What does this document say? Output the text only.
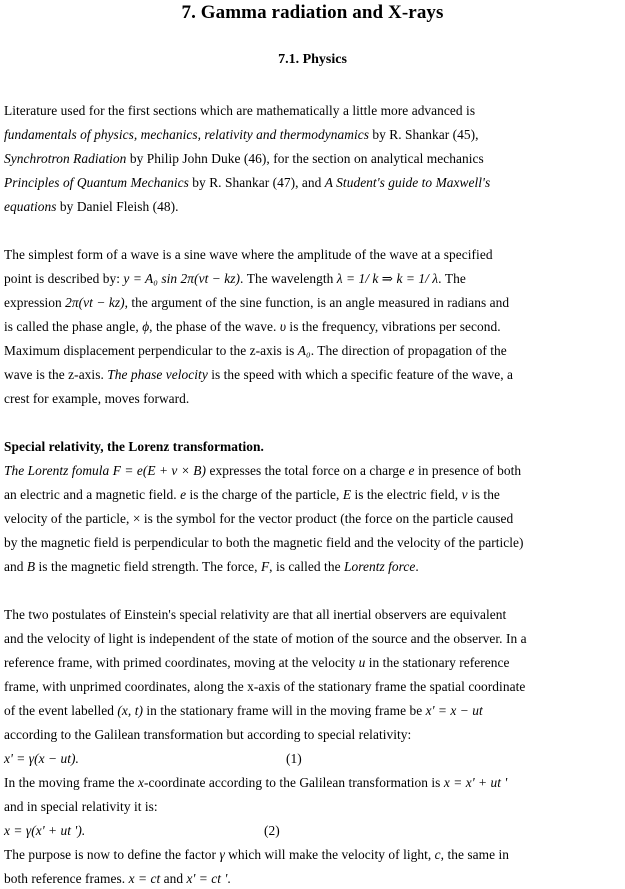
7. Gamma radiation and X-rays
7.1. Physics
Literature used for the first sections which are mathematically a little more advanced is
fundamentals of physics, mechanics, relativity and thermodynamics by R. Shankar (45),
Synchrotron Radiation by Philip John Duke (46), for the section on analytical mechanics
Principles of Quantum Mechanics by R. Shankar (47), and A Student's guide to Maxwell's
equations by Daniel Fleish (48).
The simplest form of a wave is a sine wave where the amplitude of the wave at a specified
point is described by: y = A₀ sin 2π(νt − kz). The wavelength λ = 1/ k ⇒ k = 1/ λ. The
expression 2π(νt − kz), the argument of the sine function, is an angle measured in radians and
is called the phase angle, ϕ, the phase of the wave. υ is the frequency, vibrations per second.
Maximum displacement perpendicular to the z-axis is A₀. The direction of propagation of the
wave is the z-axis. The phase velocity is the speed with which a specific feature of the wave, a
crest for example, moves forward.
Special relativity, the Lorenz transformation.
The Lorentz fomula F = e(E + ν × B) expresses the total force on a charge e in presence of both
an electric and a magnetic field. e is the charge of the particle, E is the electric field, ν is the
velocity of the particle, × is the symbol for the vector product (the force on the particle caused
by the magnetic field is perpendicular to both the magnetic field and the velocity of the particle)
and B is the magnetic field strength. The force, F, is called the Lorentz force.
The two postulates of Einstein's special relativity are that all inertial observers are equivalent
and the velocity of light is independent of the state of motion of the source and the observer. In a
reference frame, with primed coordinates, moving at the velocity u in the stationary reference
frame, with unprimed coordinates, along the x-axis of the stationary frame the spatial coordinate
of the event labelled (x, t) in the stationary frame will in the moving frame be x' = x − ut
according to the Galilean transformation but according to special relativity:
x' = γ(x − ut).	(1)
In the moving frame the x-coordinate according to the Galilean transformation is x = x' + ut '
and in special relativity it is:
x = γ(x' + ut ').	(2)
The purpose is now to define the factor γ which will make the velocity of light, c, the same in
both reference frames. x = ct and x' = ct '.
